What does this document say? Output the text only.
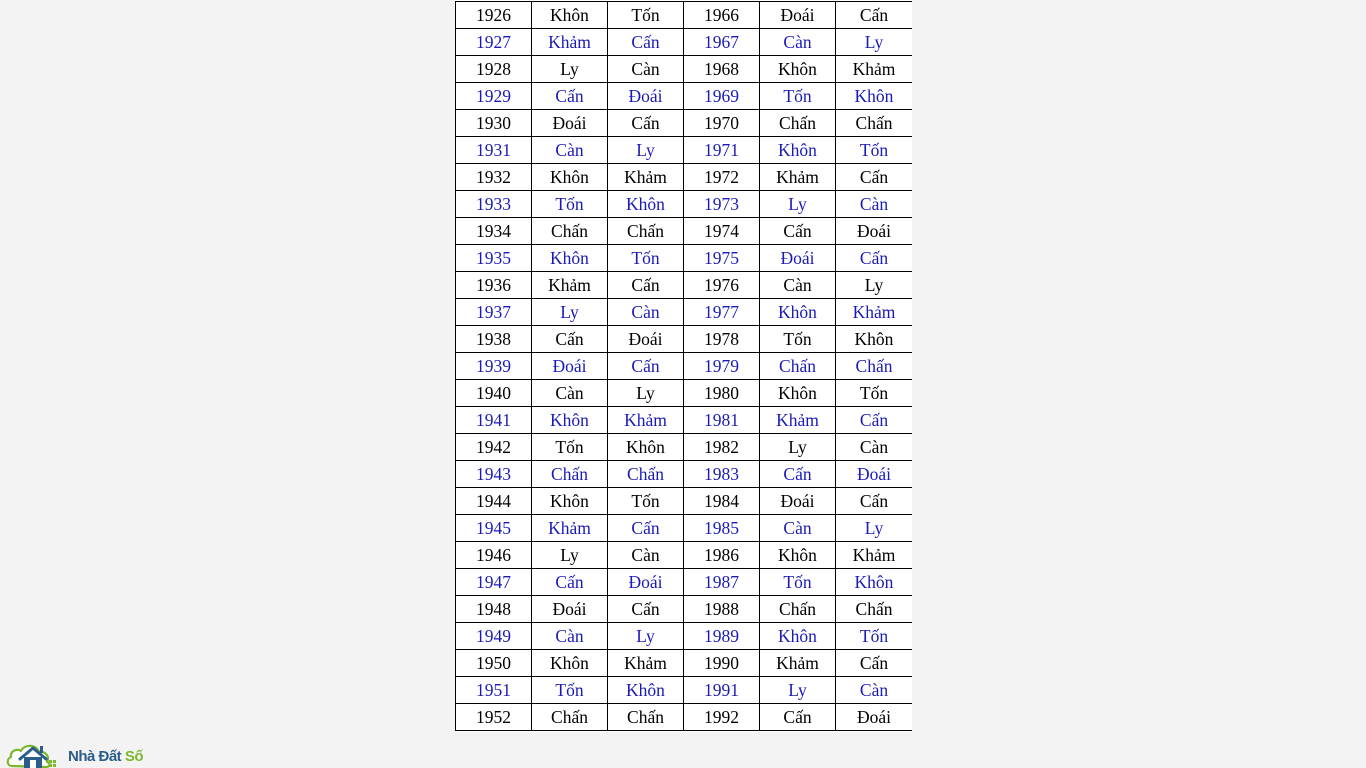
1926	Khôn	Tốn	1966	Đoái	Cấn
1927	Khảm	Cấn	1967	Càn	Ly
1928	Ly	Càn	1968	Khôn	Khảm
1929	Cấn	Đoái	1969	Tốn	Khôn
1930	Đoái	Cấn	1970	Chấn	Chấn
1931	Càn	Ly	1971	Khôn	Tốn
1932	Khôn	Khảm	1972	Khảm	Cấn
1933	Tốn	Khôn	1973	Ly	Càn
1934	Chấn	Chấn	1974	Cấn	Đoái
1935	Khôn	Tốn	1975	Đoái	Cấn
1936	Khảm	Cấn	1976	Càn	Ly
1937	Ly	Càn	1977	Khôn	Khảm
1938	Cấn	Đoái	1978	Tốn	Khôn
1939	Đoái	Cấn	1979	Chấn	Chấn
1940	Càn	Ly	1980	Khôn	Tốn
1941	Khôn	Khảm	1981	Khảm	Cấn
1942	Tốn	Khôn	1982	Ly	Càn
1943	Chấn	Chấn	1983	Cấn	Đoái
1944	Khôn	Tốn	1984	Đoái	Cấn
1945	Khảm	Cấn	1985	Càn	Ly
1946	Ly	Càn	1986	Khôn	Khảm
1947	Cấn	Đoái	1987	Tốn	Khôn
1948	Đoái	Cấn	1988	Chấn	Chấn
1949	Càn	Ly	1989	Khôn	Tốn
1950	Khôn	Khảm	1990	Khảm	Cấn
1951	Tốn	Khôn	1991	Ly	Càn
1952	Chấn	Chấn	1992	Cấn	Đoái
Nhà Đất Số
